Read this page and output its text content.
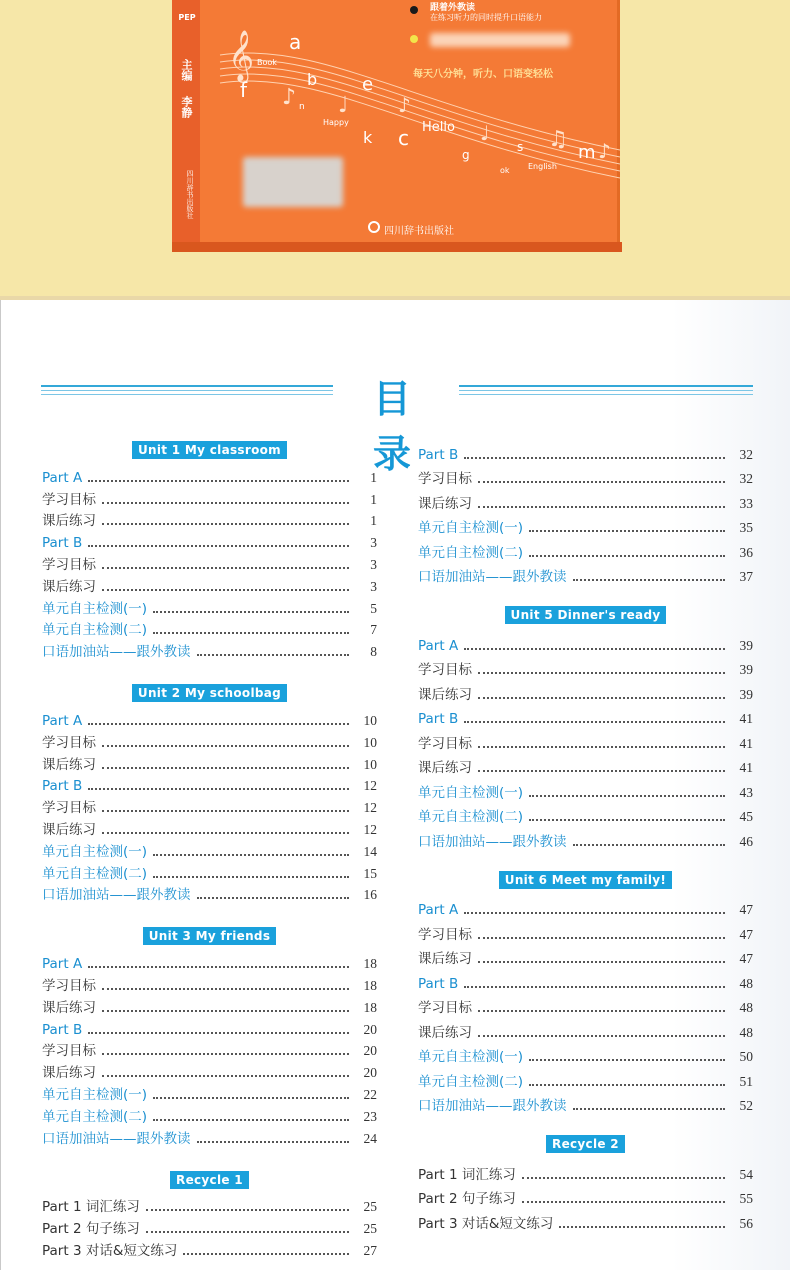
PEP
主编
李静
四川辞书出版社
𝄞
♪ ♩ ♪
♩	♫ ♪
a
f	b e
k c Hello
g
s	m
Book
n
Happy
ok English
跟着外教读
在练习听力的同时提升口语能力
每天八分钟，听力、口语变轻松
四川辞书出版社
目 录
Unit 1 My classroom
Part A	1
学习目标	1
课后练习	1
Part B	3
学习目标	3
课后练习	3
单元自主检测(一)	5
单元自主检测(二)	7
口语加油站——跟外教读	8
Unit 2 My schoolbag
Part A	10
学习目标	10
课后练习	10
Part B	12
学习目标	12
课后练习	12
单元自主检测(一)	14
单元自主检测(二)	15
口语加油站——跟外教读	16
Unit 3 My friends
Part A	18
学习目标	18
课后练习	18
Part B	20
学习目标	20
课后练习	20
单元自主检测(一)	22
单元自主检测(二)	23
口语加油站——跟外教读	24
Recycle 1
Part 1 词汇练习	25
Part 2 句子练习	25
Part 3 对话&短文练习	27
Part B	32
学习目标	32
课后练习	33
单元自主检测(一)	35
单元自主检测(二)	36
口语加油站——跟外教读	37
Unit 5 Dinner's ready
Part A	39
学习目标	39
课后练习	39
Part B	41
学习目标	41
课后练习	41
单元自主检测(一)	43
单元自主检测(二)	45
口语加油站——跟外教读	46
Unit 6 Meet my family!
Part A	47
学习目标	47
课后练习	47
Part B	48
学习目标	48
课后练习	48
单元自主检测(一)	50
单元自主检测(二)	51
口语加油站——跟外教读	52
Recycle 2
Part 1 词汇练习	54
Part 2 句子练习	55
Part 3 对话&短文练习	56
